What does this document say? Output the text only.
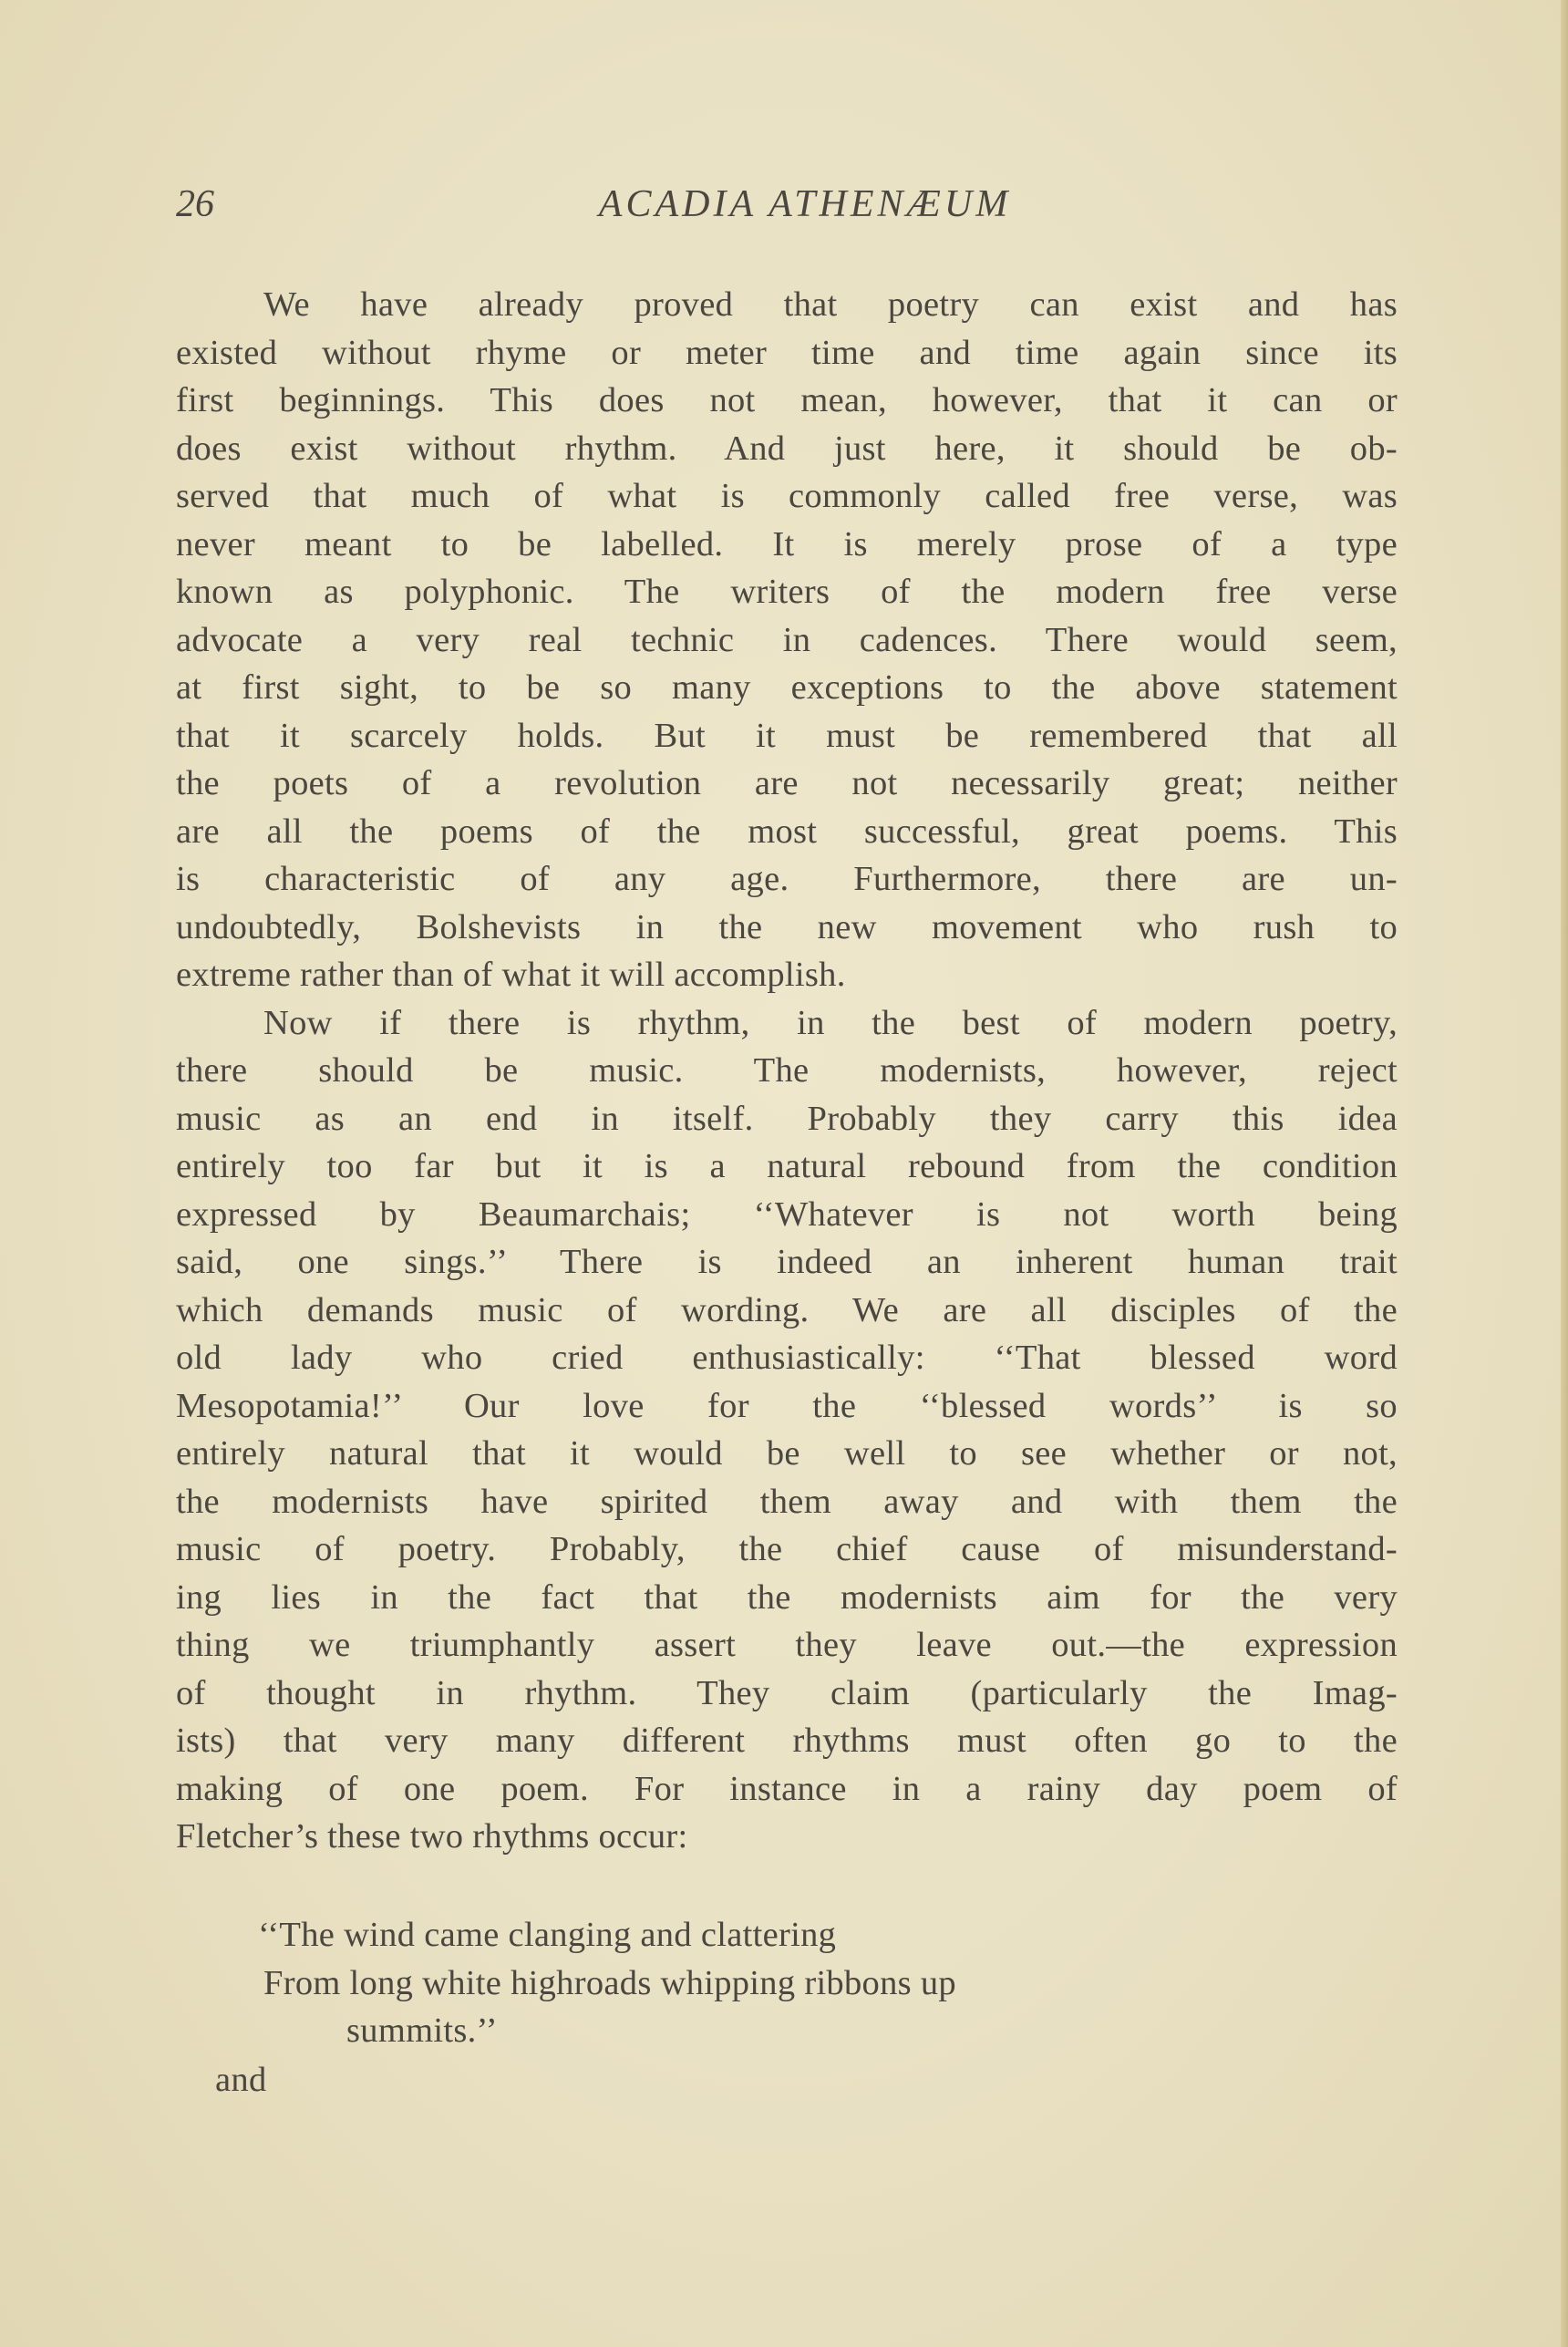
26	ACADIA ATHENÆUM
We have already proved that poetry can exist and has
existed without rhyme or meter time and time again since its
first beginnings. This does not mean, however, that it can or
does exist without rhythm. And just here, it should be ob-
served that much of what is commonly called free verse, was
never meant to be labelled. It is merely prose of a type
known as polyphonic. The writers of the modern free verse
advocate a very real technic in cadences. There would seem,
at first sight, to be so many exceptions to the above statement
that it scarcely holds. But it must be remembered that all
the poets of a revolution are not necessarily great; neither
are all the poems of the most successful, great poems. This
is characteristic of any age. Furthermore, there are un-
undoubtedly, Bolshevists in the new movement who rush to
extreme rather than of what it will accomplish.
Now if there is rhythm, in the best of modern poetry,
there should be music. The modernists, however, reject
music as an end in itself. Probably they carry this idea
entirely too far but it is a natural rebound from the condition
expressed by Beaumarchais; ‘‘Whatever is not worth being
said, one sings.’’ There is indeed an inherent human trait
which demands music of wording. We are all disciples of the
old lady who cried enthusiastically: ‘‘That blessed word
Mesopotamia!’’ Our love for the ‘‘blessed words’’ is so
entirely natural that it would be well to see whether or not,
the modernists have spirited them away and with them the
music of poetry. Probably, the chief cause of misunderstand-
ing lies in the fact that the modernists aim for the very
thing we triumphantly assert they leave out.—the expression
of thought in rhythm. They claim (particularly the Imag-
ists) that very many different rhythms must often go to the
making of one poem. For instance in a rainy day poem of
Fletcher’s these two rhythms occur:
‘‘The wind came clanging and clattering
From long white highroads whipping ribbons up
summits.’’
and
